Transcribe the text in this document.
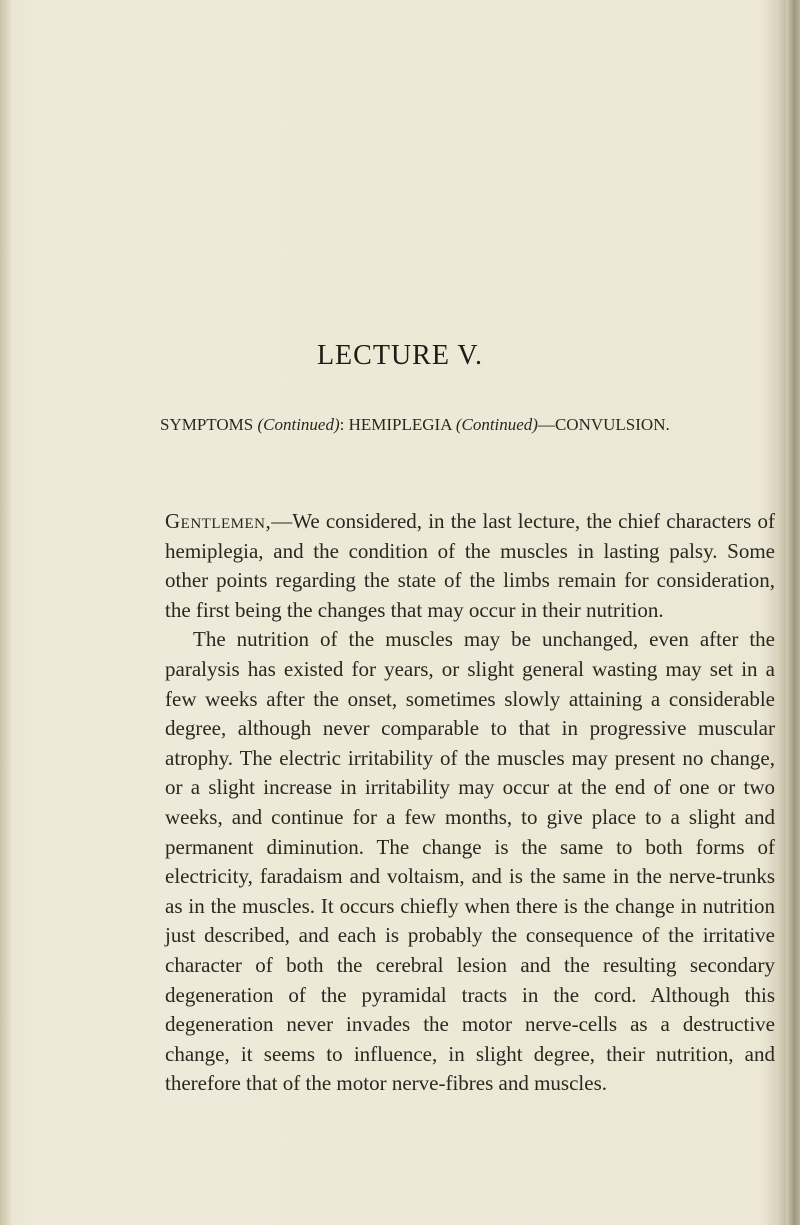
LECTURE V.
SYMPTOMS (Continued): HEMIPLEGIA (Continued)—CONVULSION.

Gentlemen,—We considered, in the last lecture, the chief characters of hemiplegia, and the condition of the muscles in lasting palsy. Some other points regarding the state of the limbs remain for consideration, the first being the changes that may occur in their nutrition.

The nutrition of the muscles may be unchanged, even after the paralysis has existed for years, or slight general wasting may set in a few weeks after the onset, sometimes slowly attaining a considerable degree, although never comparable to that in progressive muscular atrophy. The electric irritability of the muscles may present no change, or a slight increase in irritability may occur at the end of one or two weeks, and continue for a few months, to give place to a slight and permanent diminution. The change is the same to both forms of electricity, faradaism and voltaism, and is the same in the nerve-trunks as in the muscles. It occurs chiefly when there is the change in nutrition just described, and each is probably the consequence of the irritative character of both the cerebral lesion and the resulting secondary degeneration of the pyramidal tracts in the cord. Although this degeneration never invades the motor nerve-cells as a destructive change, it seems to influence, in slight degree, their nutrition, and therefore that of the motor nerve-fibres and muscles.
